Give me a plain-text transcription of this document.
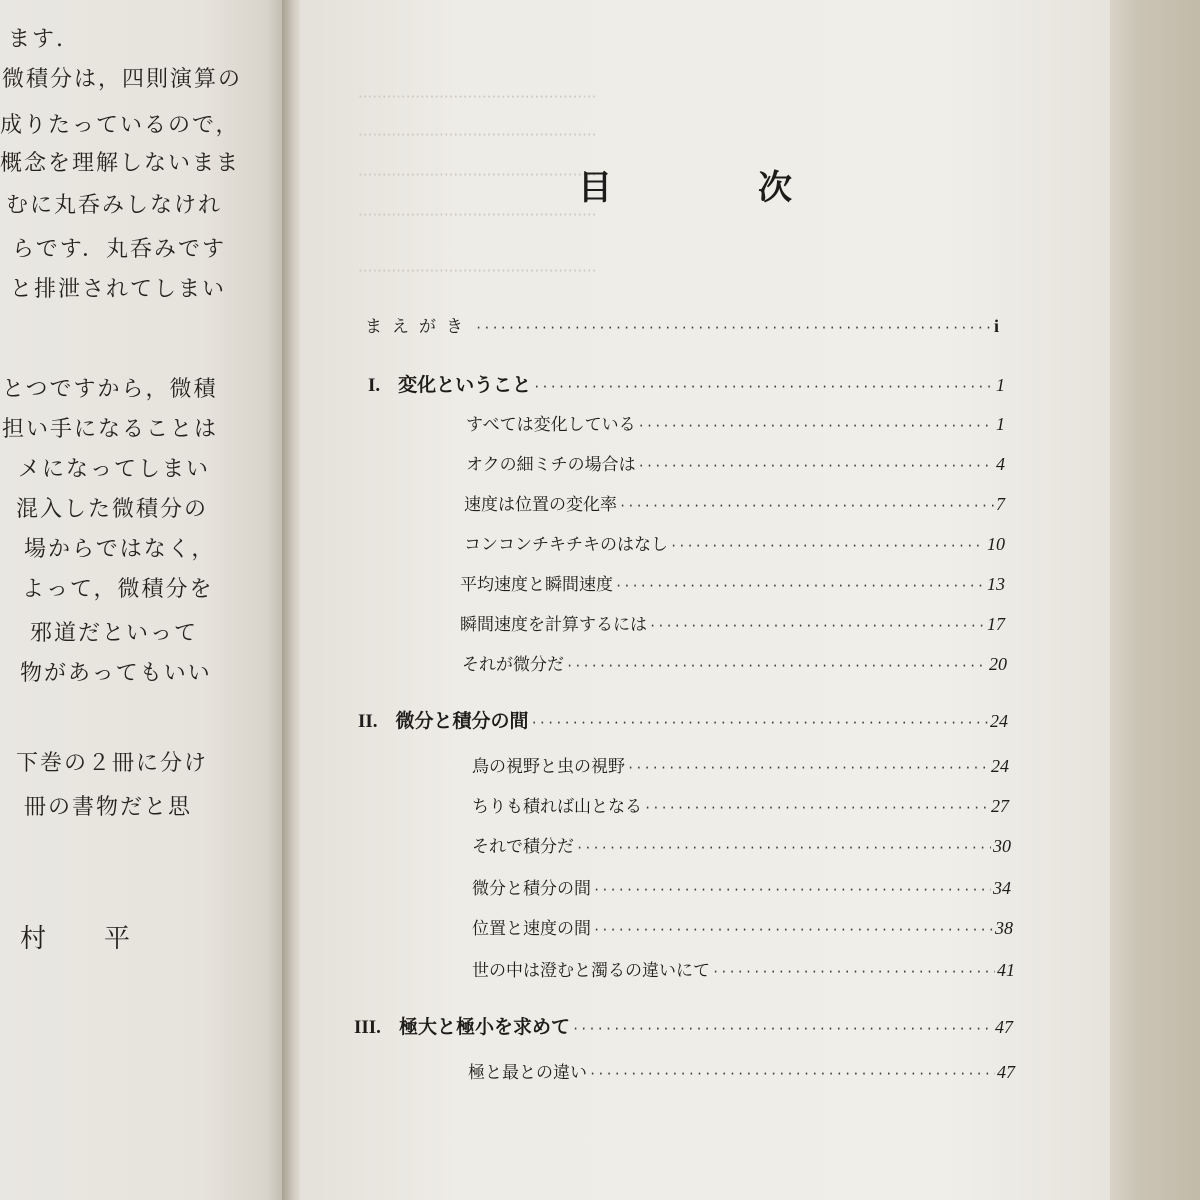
ます.
微積分は，四則演算の
成りたっているので，
概念を理解しないまま
むに丸呑みしなけれ
らです．丸呑みです
と排泄されてしまい
とつですから，微積
担い手になることは
メになってしまい
混入した微積分の
場からではなく，
よって，微積分を
邪道だといって
物があってもいい
下巻の２冊に分け
冊の書物だと思
村　　平
··················································
··················································
··················································
··················································
··················································
目	次
まえがき ·····	i
I. 変化ということ ·····	1
すべては変化している ·····	1
オクの細ミチの場合は ·····	4
速度は位置の変化率 ·····	7
コンコンチキチキのはなし ·····	10
平均速度と瞬間速度 ·····	13
瞬間速度を計算するには ·····	17
それが微分だ ·····	20
II. 微分と積分の間 ·····	24
鳥の視野と虫の視野 ·····	24
ちりも積れば山となる ·····	27
それで積分だ ·····	30
微分と積分の間 ·····	34
位置と速度の間 ·····	38
世の中は澄むと濁るの違いにて ·····	41
III. 極大と極小を求めて ·····	47
極と最との違い ·····	47
